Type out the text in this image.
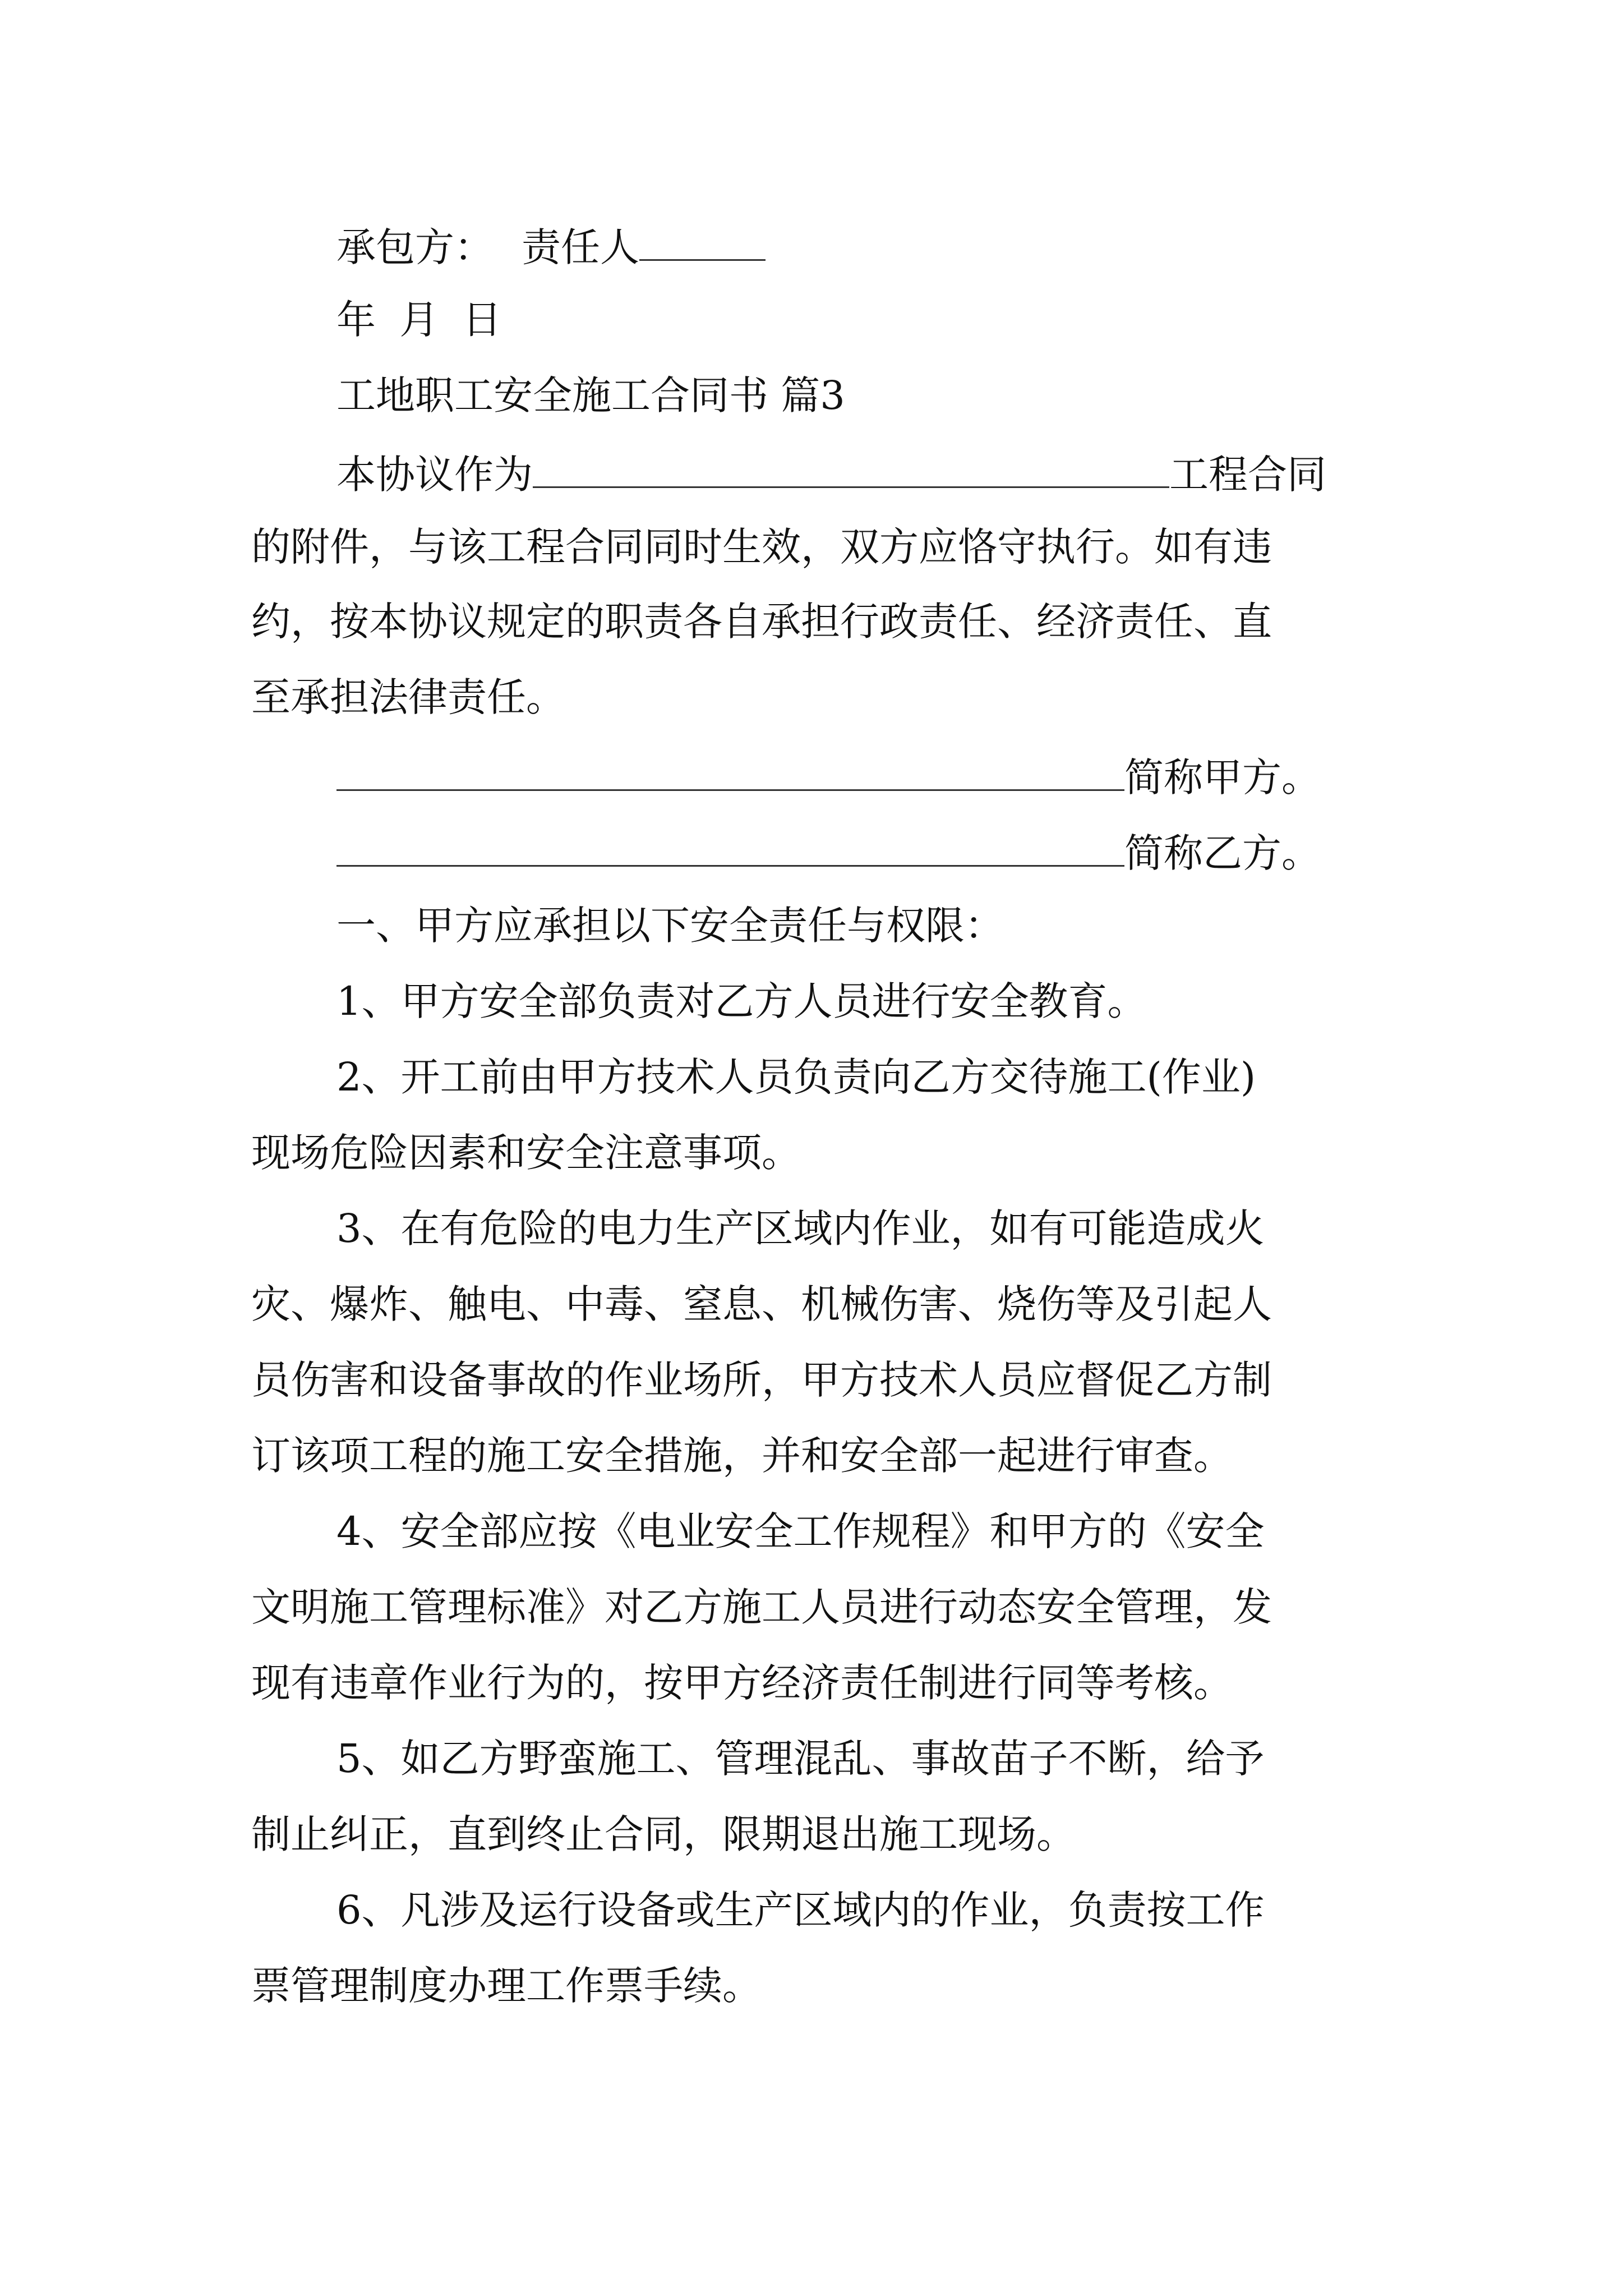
承包方： 责任人

年 月 日

工地职工安全施工合同书 篇3

本协议作为	工程合同

的附件，与该工程合同同时生效，双方应恪守执行。如有违

约，按本协议规定的职责各自承担行政责任、经济责任、直

至承担法律责任。

简称甲方。

简称乙方。

一、甲方应承担以下安全责任与权限：

1、甲方安全部负责对乙方人员进行安全教育。

2、开工前由甲方技术人员负责向乙方交待施工(作业)

现场危险因素和安全注意事项。

3、在有危险的电力生产区域内作业，如有可能造成火

灾、爆炸、触电、中毒、窒息、机械伤害、烧伤等及引起人

员伤害和设备事故的作业场所，甲方技术人员应督促乙方制

订该项工程的施工安全措施，并和安全部一起进行审查。

4、安全部应按《电业安全工作规程》和甲方的《安全

文明施工管理标准》对乙方施工人员进行动态安全管理，发

现有违章作业行为的，按甲方经济责任制进行同等考核。

5、如乙方野蛮施工、管理混乱、事故苗子不断，给予

制止纠正，直到终止合同，限期退出施工现场。

6、凡涉及运行设备或生产区域内的作业，负责按工作

票管理制度办理工作票手续。
